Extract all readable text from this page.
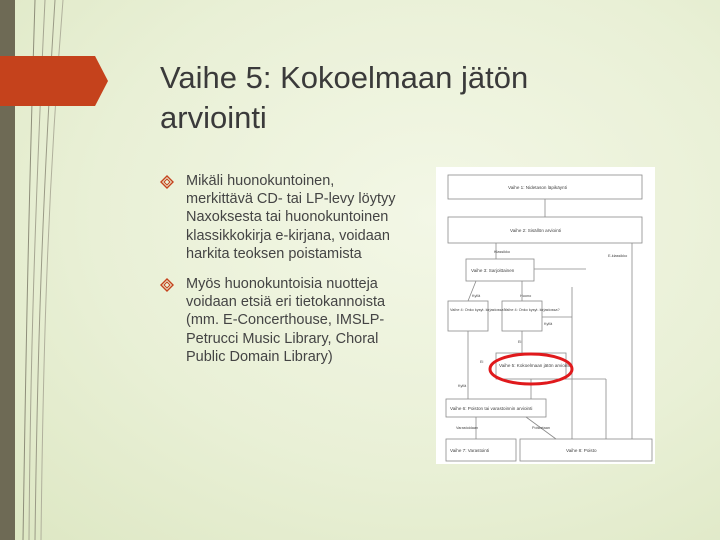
Vaihe 5: Kokoelmaan jätön
arviointi
Mikäli huonokuntoinen, merkittävä CD- tai LP-levy löytyy Naxoksesta tai huonokuntoinen klassikkokirja e-kirjana, voidaan harkita teoksen poistamista
Myös huonokuntoisia nuotteja voidaan etsiä eri tietokannoista (mm. E-Concerthouse, IMSLP-Petrucci Music Library, Choral Public Domain Library)
Vaihe 1: Nidetason läpikäynti
Vaihe 2: Sisällön arviointi
Vaihe 3: Sarjoittainen
Vaihe 5: Kokoelmaan jätön arviointi
Vaihe 6: Poiston tai varastoinnin arviointi
Vaihe 7: Varastointi	Vaihe 8: Poisto
Vaihe 4: Onko kysyt. kirjastossa?
Vaihe 4: Onko kysyt. kirjastossa?
Klassikko
E-klassikko
Kyllä	Huono
Kyllä
Ei
Ei
Kyllä
Varastoidaan	Poistetaan
